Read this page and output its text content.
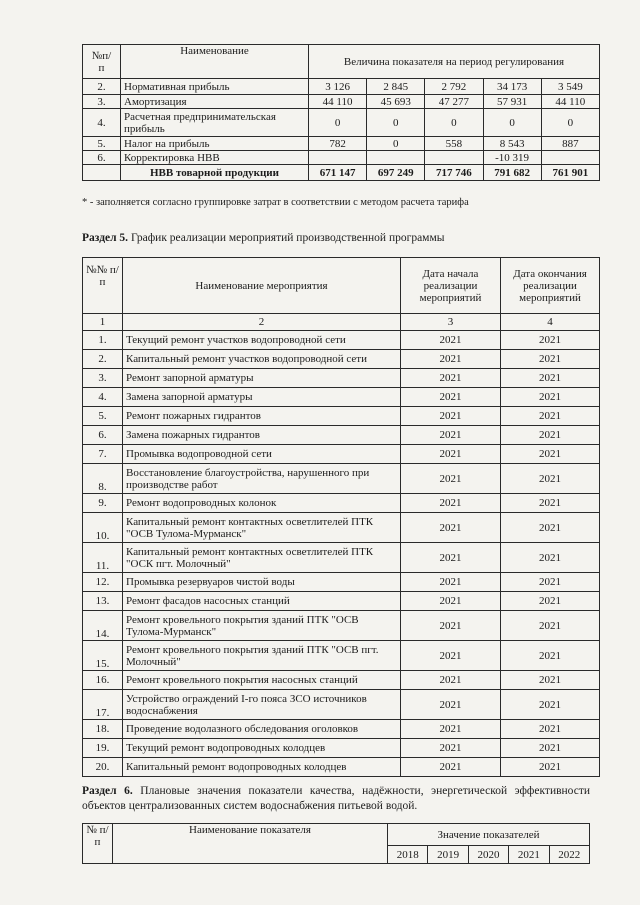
№п/
п	Наименование	Величина показателя на период регулирования				
2.	Нормативная прибыль	3 126	2 845	2 792	34 173	3 549
3.	Амортизация	44 110	45 693	47 277	57 931	44 110
4.	Расчетная предпринимательская прибыль	0	0	0	0	0
5.	Налог на прибыль	782	0	558	8 543	887
6.	Корректировка НВВ				-10 319	
	НВВ товарной продукции	671 147	697 249	717 746	791 682	761 901
* - заполняется согласно группировке затрат в соответствии с методом расчета тарифа
Раздел 5. График реализации мероприятий производственной программы
№№ п/п	Наименование мероприятия	Дата начала реализации мероприятий	Дата окончания реализации мероприятий
1	2	3	4
1.	Текущий ремонт участков водопроводной сети	2021	2021
2.	Капитальный ремонт участков водопроводной сети	2021	2021
3.	Ремонт запорной арматуры	2021	2021
4.	Замена запорной арматуры	2021	2021
5.	Ремонт пожарных гидрантов	2021	2021
6.	Замена пожарных гидрантов	2021	2021
7.	Промывка водопроводной сети	2021	2021
8.	Восстановление благоустройства, нарушенного при производстве работ	2021	2021
9.	Ремонт водопроводных колонок	2021	2021
10.	Капитальный ремонт контактных осветлителей ПТК "ОСВ Тулома-Мурманск"	2021	2021
11.	Капитальный ремонт контактных осветлителей ПТК "ОСК пгт. Молочный"	2021	2021
12.	Промывка резервуаров чистой воды	2021	2021
13.	Ремонт фасадов насосных станций	2021	2021
14.	Ремонт кровельного покрытия зданий ПТК "ОСВ Тулома-Мурманск"	2021	2021
15.	Ремонт кровельного покрытия зданий ПТК "ОСВ пгт. Молочный"	2021	2021
16.	Ремонт кровельного покрытия насосных станций	2021	2021
17.	Устройство ограждений I-го пояса ЗСО источников водоснабжения	2021	2021
18.	Проведение водолазного обследования оголовков	2021	2021
19.	Текущий ремонт водопроводных колодцев	2021	2021
20.	Капитальный ремонт водопроводных колодцев	2021	2021
Раздел 6. Плановые значения показатели качества, надёжности, энергетической эффективности объектов централизованных систем водоснабжения питьевой водой.
№ п/п	Наименование показателя	Значение показателей				
		2018	2019	2020	2021	2022
